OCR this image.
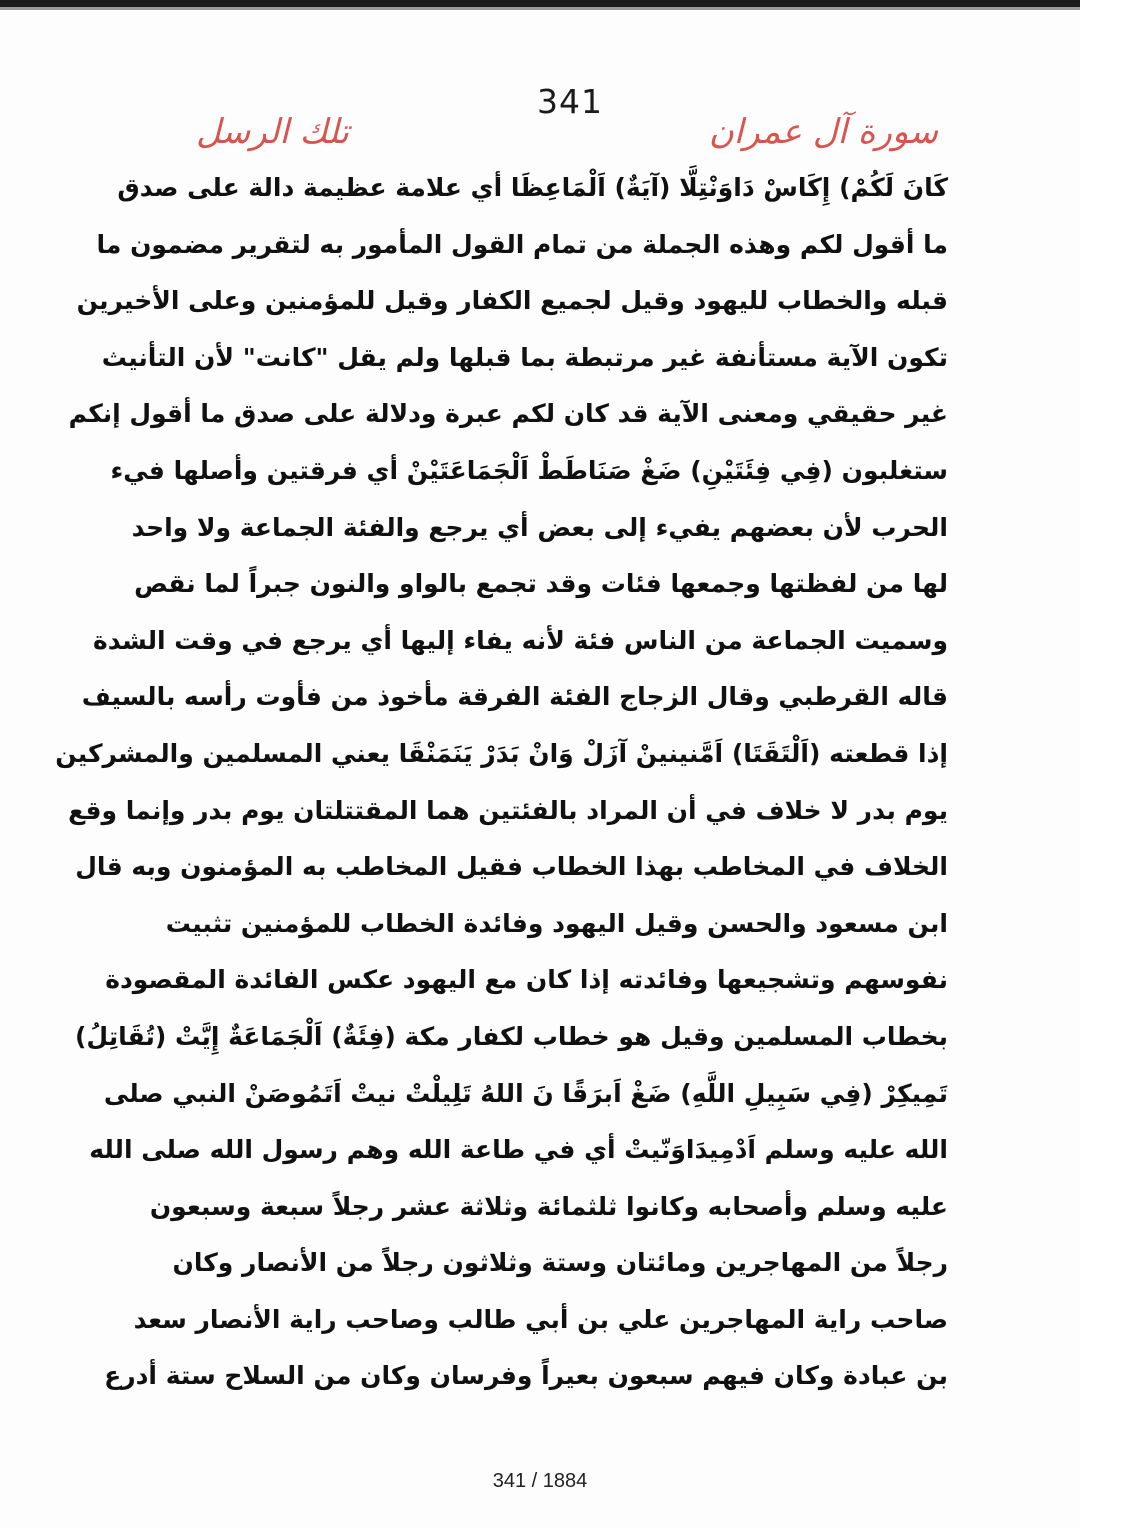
341
سورة آل عمران
تلك الرسل
كَانَ لَكُمْ) إِكَاسْ دَاوَنْتِلَّا (آيَةٌ) اَلْمَاعِظَا أي علامة عظيمة دالة على صدق
ما أقول لكم وهذه الجملة من تمام القول المأمور به لتقرير مضمون ما
قبله والخطاب لليهود وقيل لجميع الكفار وقيل للمؤمنين وعلى الأخيرين
تكون الآية مستأنفة غير مرتبطة بما قبلها ولم يقل "كانت" لأن التأنيث
غير حقيقي ومعنى الآية قد كان لكم عبرة ودلالة على صدق ما أقول إنكم
ستغلبون (فِي فِئَتَيْنِ) ضَغْ صَنَاطَطْ اَلْجَمَاعَتَيْنْ أي فرقتين وأصلها فيء
الحرب لأن بعضهم يفيء إلى بعض أي يرجع والفئة الجماعة ولا واحد
لها من لفظتها وجمعها فئات وقد تجمع بالواو والنون جبراً لما نقص
وسميت الجماعة من الناس فئة لأنه يفاء إليها أي يرجع في وقت الشدة
قاله القرطبي وقال الزجاج الفئة الفرقة مأخوذ من فأوت رأسه بالسيف
إذا قطعته (اَلْتَقَتَا) اَمَّنينينْ آزَلْ وَانْ بَدَرْ يَنَمَنْقَا يعني المسلمين والمشركين
يوم بدر لا خلاف في أن المراد بالفئتين هما المقتتلتان يوم بدر وإنما وقع
الخلاف في المخاطب بهذا الخطاب فقيل المخاطب به المؤمنون وبه قال
ابن مسعود والحسن وقيل اليهود وفائدة الخطاب للمؤمنين تثبيت
نفوسهم وتشجيعها وفائدته إذا كان مع اليهود عكس الفائدة المقصودة
بخطاب المسلمين وقيل هو خطاب لكفار مكة (فِئَةٌ) اَلْجَمَاعَةٌ إِيَّتْ (تُقَاتِلُ)
تَمِيكِرْ (فِي سَبِيلِ اللَّهِ) ضَغْ اَبرَقًا نَ اللهُ تَلِيلْتْ نيتْ اَتَمُوصَنْ النبي صلى
الله عليه وسلم اَدْمِيدَاوَنّيتْ أي في طاعة الله وهم رسول الله صلى الله
عليه وسلم وأصحابه وكانوا ثلثمائة وثلاثة عشر رجلاً سبعة وسبعون
رجلاً من المهاجرين ومائتان وستة وثلاثون رجلاً من الأنصار وكان
صاحب راية المهاجرين علي بن أبي طالب وصاحب راية الأنصار سعد
بن عبادة وكان فيهم سبعون بعيراً وفرسان وكان من السلاح ستة أدرع
341 / 1884
